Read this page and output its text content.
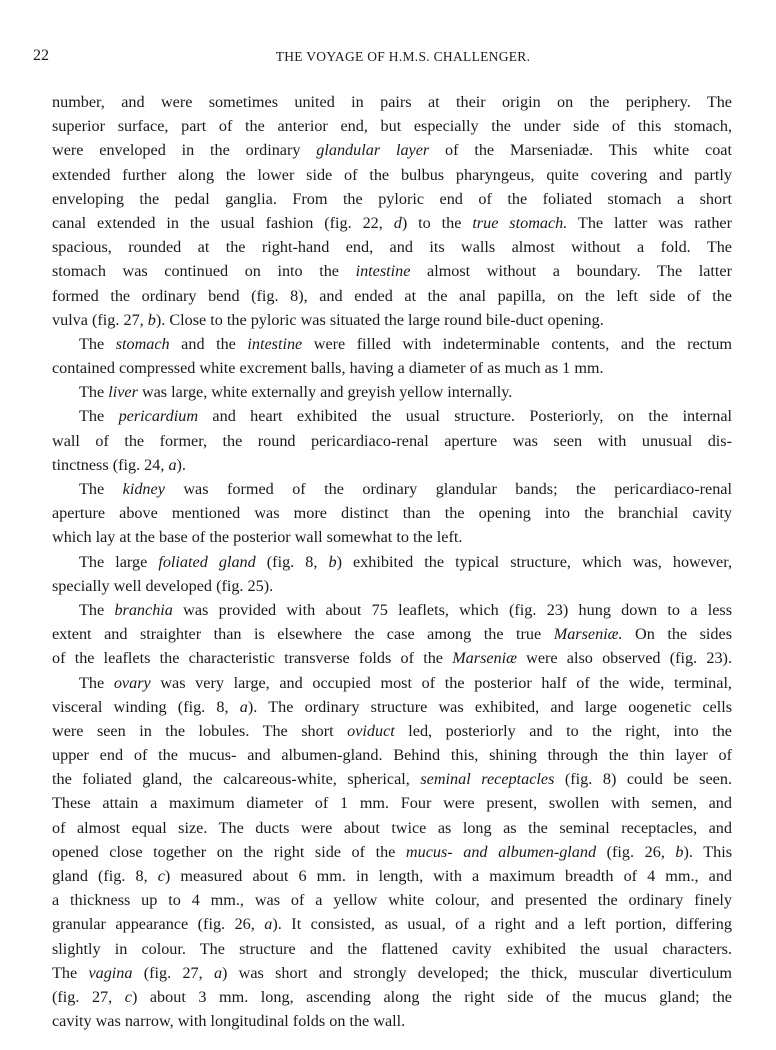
22	THE VOYAGE OF H.M.S. CHALLENGER.
number, and were sometimes united in pairs at their origin on the periphery. The
superior surface, part of the anterior end, but especially the under side of this stomach,
were enveloped in the ordinary glandular layer of the Marseniadæ. This white coat
extended further along the lower side of the bulbus pharyngeus, quite covering and partly
enveloping the pedal ganglia. From the pyloric end of the foliated stomach a short
canal extended in the usual fashion (fig. 22, d) to the true stomach. The latter was rather
spacious, rounded at the right-hand end, and its walls almost without a fold. The
stomach was continued on into the intestine almost without a boundary. The latter
formed the ordinary bend (fig. 8), and ended at the anal papilla, on the left side of the
vulva (fig. 27, b). Close to the pyloric was situated the large round bile-duct opening.
The stomach and the intestine were filled with indeterminable contents, and the rectum
contained compressed white excrement balls, having a diameter of as much as 1 mm.
The liver was large, white externally and greyish yellow internally.
The pericardium and heart exhibited the usual structure. Posteriorly, on the internal
wall of the former, the round pericardiaco-renal aperture was seen with unusual dis-
tinctness (fig. 24, a).
The kidney was formed of the ordinary glandular bands; the pericardiaco-renal
aperture above mentioned was more distinct than the opening into the branchial cavity
which lay at the base of the posterior wall somewhat to the left.
The large foliated gland (fig. 8, b) exhibited the typical structure, which was, however,
specially well developed (fig. 25).
The branchia was provided with about 75 leaflets, which (fig. 23) hung down to a less
extent and straighter than is elsewhere the case among the true Marseniæ. On the sides
of the leaflets the characteristic transverse folds of the Marseniæ were also observed (fig. 23).
The ovary was very large, and occupied most of the posterior half of the wide, terminal,
visceral winding (fig. 8, a). The ordinary structure was exhibited, and large oogenetic cells
were seen in the lobules. The short oviduct led, posteriorly and to the right, into the
upper end of the mucus- and albumen-gland. Behind this, shining through the thin layer of
the foliated gland, the calcareous-white, spherical, seminal receptacles (fig. 8) could be seen.
These attain a maximum diameter of 1 mm. Four were present, swollen with semen, and
of almost equal size. The ducts were about twice as long as the seminal receptacles, and
opened close together on the right side of the mucus- and albumen-gland (fig. 26, b). This
gland (fig. 8, c) measured about 6 mm. in length, with a maximum breadth of 4 mm., and
a thickness up to 4 mm., was of a yellow white colour, and presented the ordinary finely
granular appearance (fig. 26, a). It consisted, as usual, of a right and a left portion, differing
slightly in colour. The structure and the flattened cavity exhibited the usual characters.
The vagina (fig. 27, a) was short and strongly developed; the thick, muscular diverticulum
(fig. 27, c) about 3 mm. long, ascending along the right side of the mucus gland; the
cavity was narrow, with longitudinal folds on the wall.
